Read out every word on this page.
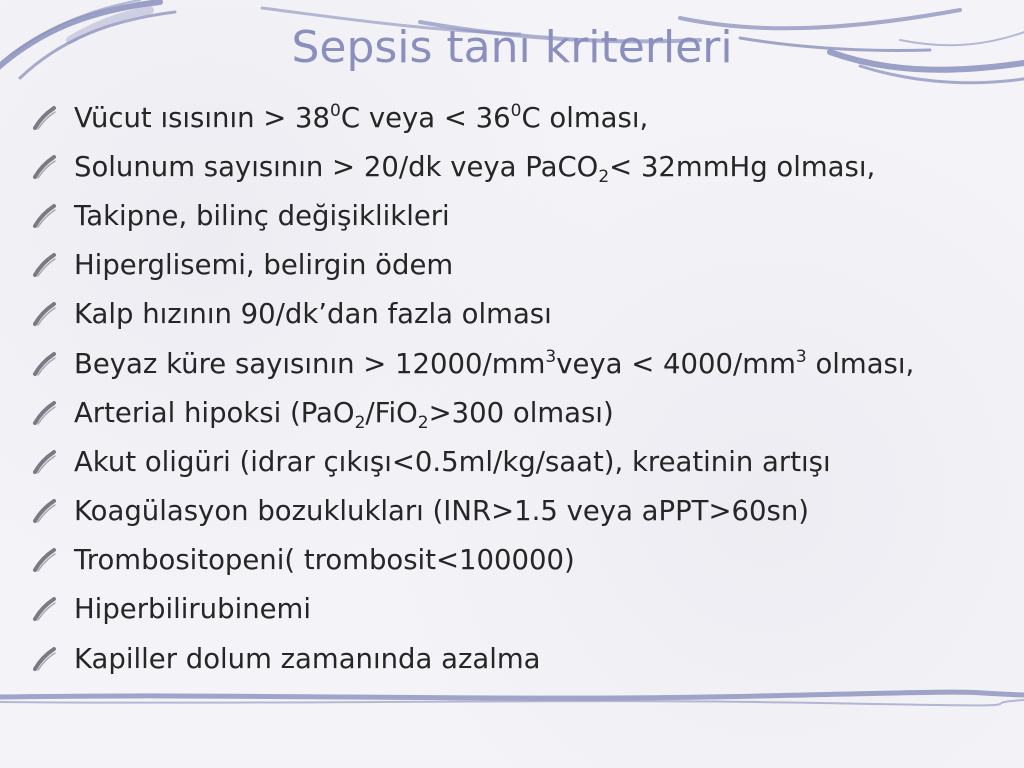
Sepsis tanı kriterleri
Vücut ısısının > $38^0C$ veya < $36^0C$ olması,
Solunum sayısının > 20/dk veya PaCO$_2$< 32mmHg olması,
Takipne, bilinç değişiklikleri
Hiperglisemi, belirgin ödem
Kalp hızının 90/dk’dan fazla olması
Beyaz küre sayısının > $12000/mm^3veya < 4000/mm^3$ olması,
Arterial hipoksi (PaO$_2$/FiO$_2$>300 olması)
Akut oligüri (idrar çıkışı<0.5ml/kg/saat), kreatinin artışı
Koagülasyon bozuklukları (INR>1.5 veya aPPT>60sn)
Trombositopeni( trombosit<100000)
Hiperbilirubinemi
Kapiller dolum zamanında azalma
